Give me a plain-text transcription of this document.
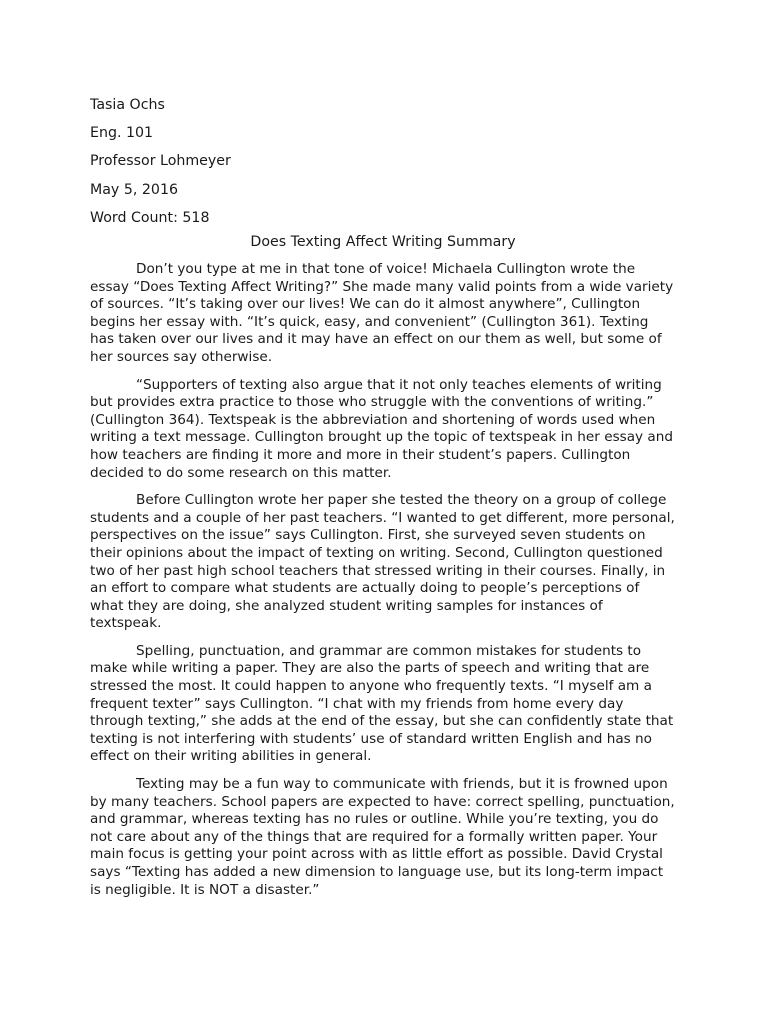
Tasia Ochs
Eng. 101
Professor Lohmeyer
May 5, 2016
Word Count: 518
Does Texting Affect Writing Summary

Don’t you type at me in that tone of voice! Michaela Cullington wrote the essay “Does Texting Affect Writing?” She made many valid points from a wide variety of sources. “It’s taking over our lives! We can do it almost anywhere”, Cullington begins her essay with. “It’s quick, easy, and convenient” (Cullington 361). Texting has taken over our lives and it may have an effect on our them as well, but some of her sources say otherwise.

“Supporters of texting also argue that it not only teaches elements of writing but provides extra practice to those who struggle with the conventions of writing.” (Cullington 364). Textspeak is the abbreviation and shortening of words used when writing a text message. Cullington brought up the topic of textspeak in her essay and how teachers are finding it more and more in their student’s papers. Cullington decided to do some research on this matter.

Before Cullington wrote her paper she tested the theory on a group of college students and a couple of her past teachers. “I wanted to get different, more personal, perspectives on the issue” says Cullington. First, she surveyed seven students on their opinions about the impact of texting on writing. Second, Cullington questioned two of her past high school teachers that stressed writing in their courses. Finally, in an effort to compare what students are actually doing to people’s perceptions of what they are doing, she analyzed student writing samples for instances of textspeak.

Spelling, punctuation, and grammar are common mistakes for students to make while writing a paper. They are also the parts of speech and writing that are stressed the most. It could happen to anyone who frequently texts. “I myself am a frequent texter” says Cullington. “I chat with my friends from home every day through texting,” she adds at the end of the essay, but she can confidently state that texting is not interfering with students’ use of standard written English and has no effect on their writing abilities in general.

Texting may be a fun way to communicate with friends, but it is frowned upon by many teachers. School papers are expected to have: correct spelling, punctuation, and grammar, whereas texting has no rules or outline. While you’re texting, you do not care about any of the things that are required for a formally written paper. Your main focus is getting your point across with as little effort as possible. David Crystal says “Texting has added a new dimension to language use, but its long-term impact is negligible. It is NOT a disaster.”
